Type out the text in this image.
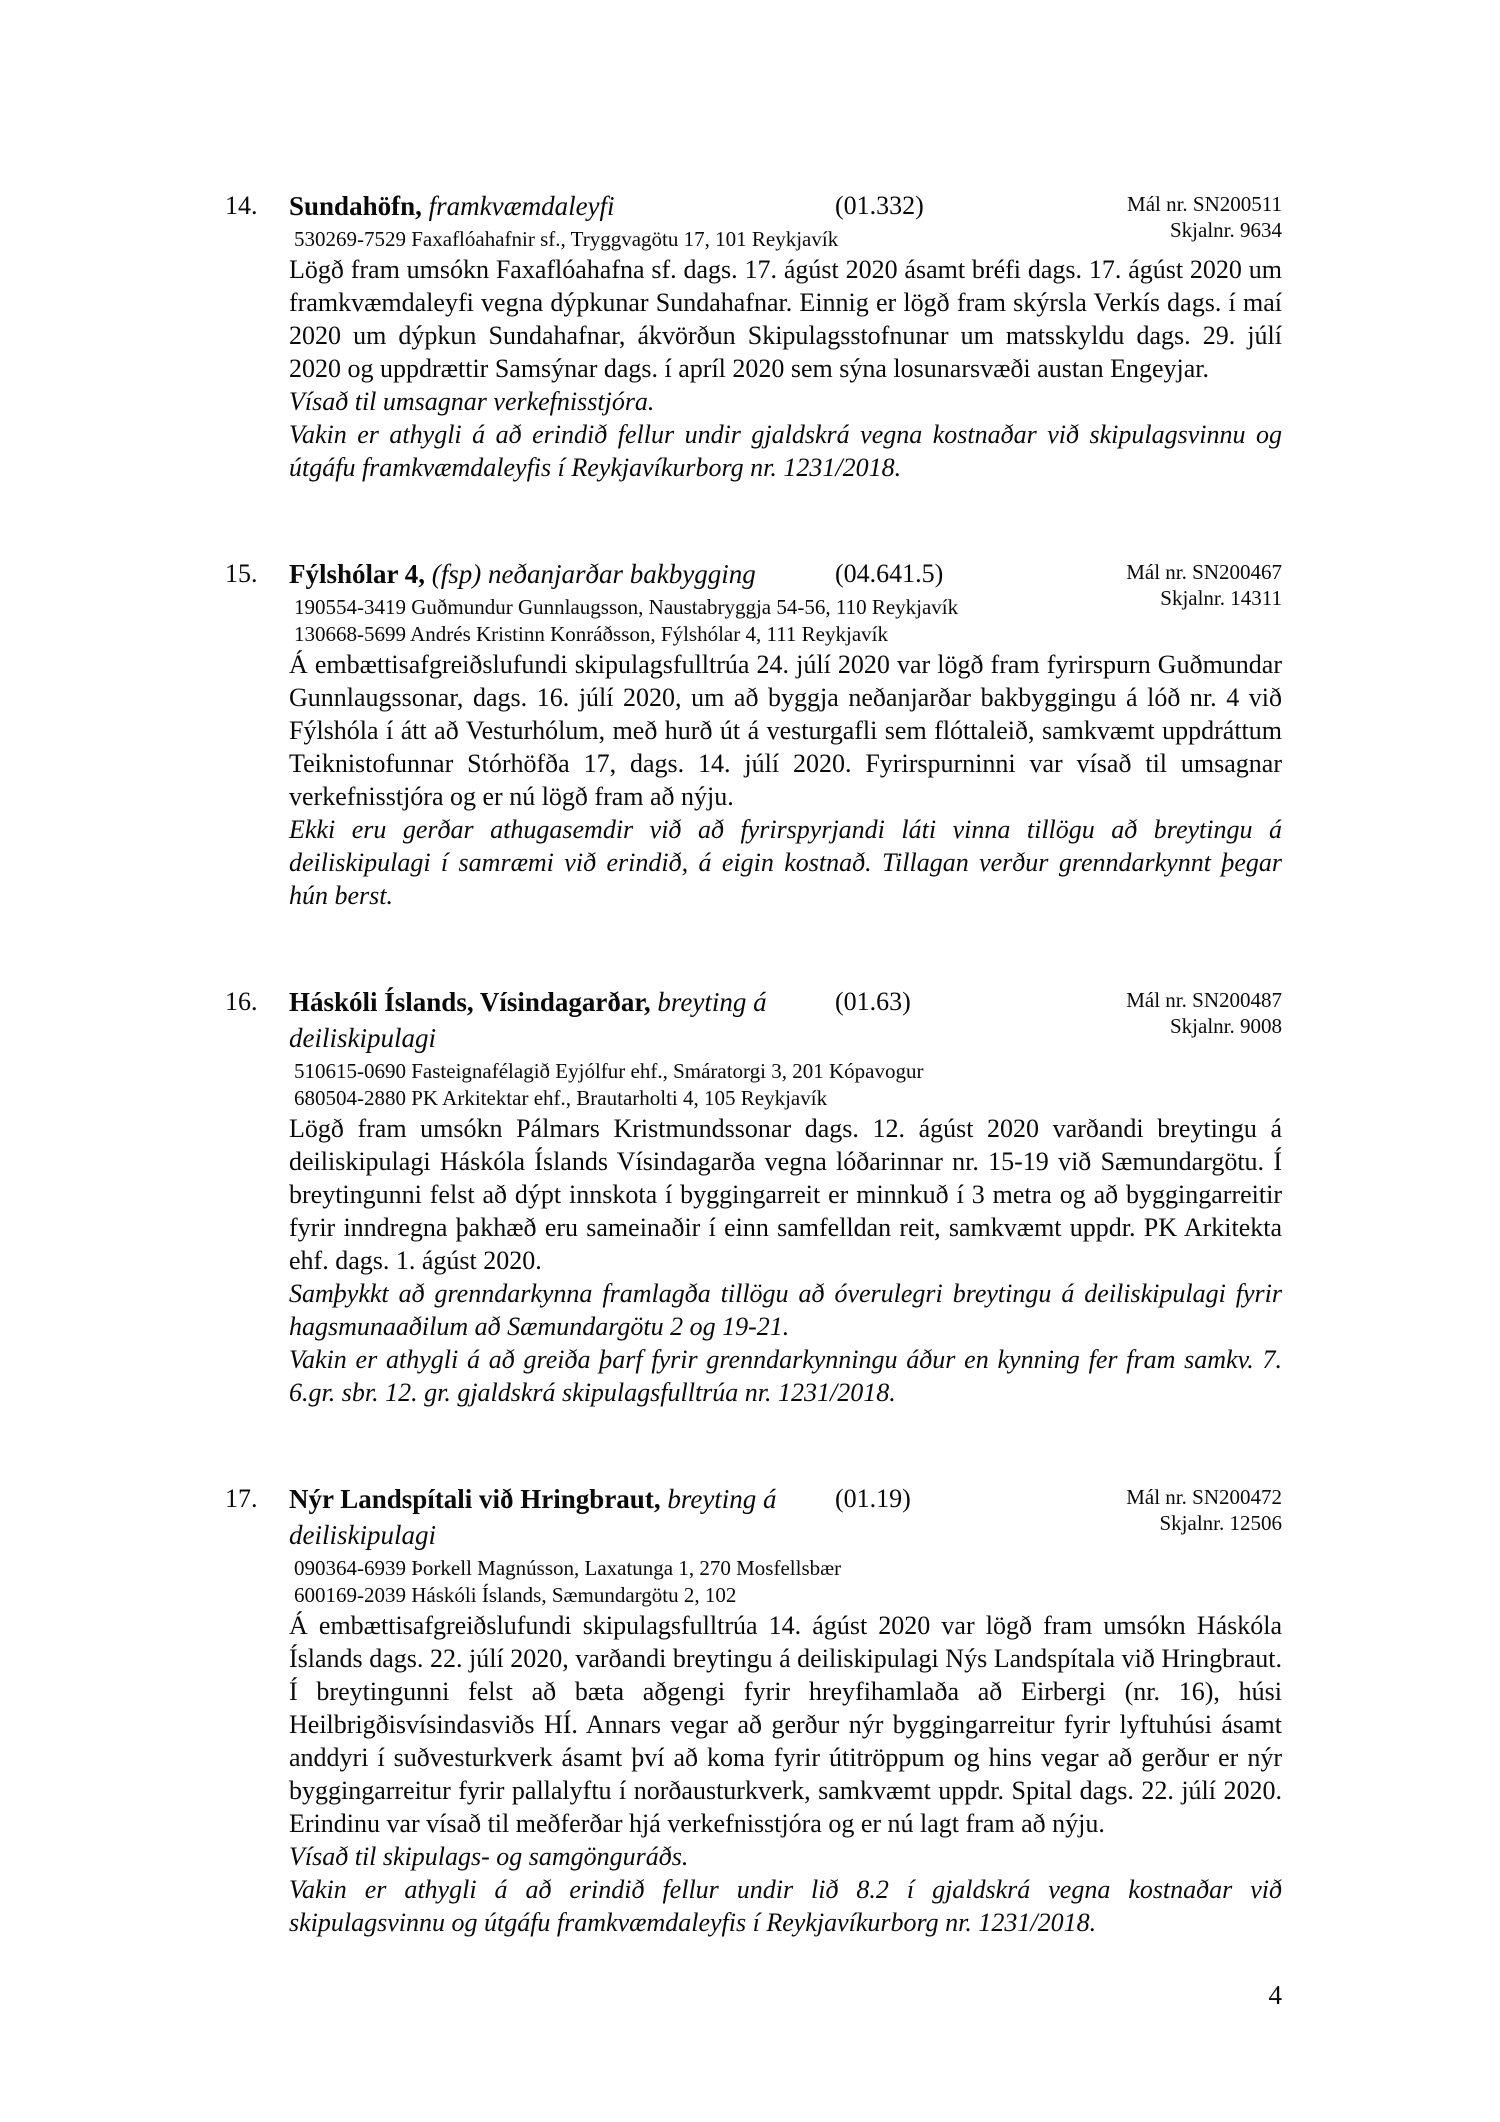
14.	Sundahöfn, framkvæmdaleyfi	(01.332)	Mál nr. SN200511
Skjalnr. 9634
530269-7529 Faxaflóahafnir sf., Tryggvagötu 17, 101 Reykjavík

Lögð fram umsókn Faxaflóahafna sf. dags. 17. ágúst 2020 ásamt bréfi dags. 17. ágúst 2020 um framkvæmdaleyfi vegna dýpkunar Sundahafnar. Einnig er lögð fram skýrsla Verkís dags. í maí 2020 um dýpkun Sundahafnar, ákvörðun Skipulagsstofnunar um matsskyldu dags. 29. júlí 2020 og uppdrættir Samsýnar dags. í apríl 2020 sem sýna losunarsvæði austan Engeyjar.

Vísað til umsagnar verkefnisstjóra.

Vakin er athygli á að erindið fellur undir gjaldskrá vegna kostnaðar við skipulagsvinnu og útgáfu framkvæmdaleyfis í Reykjavíkurborg nr. 1231/2018.

15.	Fýlshólar 4, (fsp) neðanjarðar bakbygging	(04.641.5)	Mál nr. SN200467
Skjalnr. 14311
190554-3419 Guðmundur Gunnlaugsson, Naustabryggja 54-56, 110 Reykjavík
130668-5699 Andrés Kristinn Konráðsson, Fýlshólar 4, 111 Reykjavík

Á embættisafgreiðslufundi skipulagsfulltrúa 24. júlí 2020 var lögð fram fyrirspurn Guðmundar Gunnlaugssonar, dags. 16. júlí 2020, um að byggja neðanjarðar bakbyggingu á lóð nr. 4 við Fýlshóla í átt að Vesturhólum, með hurð út á vesturgafli sem flóttaleið, samkvæmt uppdráttum Teiknistofunnar Stórhöfða 17, dags. 14. júlí 2020. Fyrirspurninni var vísað til umsagnar verkefnisstjóra og er nú lögð fram að nýju.

Ekki eru gerðar athugasemdir við að fyrirspyrjandi láti vinna tillögu að breytingu á deiliskipulagi í samræmi við erindið, á eigin kostnað. Tillagan verður grenndarkynnt þegar hún berst.

16.	Háskóli Íslands, Vísindagarðar, breyting á deiliskipulagi
(01.63)	Mál nr. SN200487
Skjalnr. 9008
510615-0690 Fasteignafélagið Eyjólfur ehf., Smáratorgi 3, 201 Kópavogur
680504-2880 PK Arkitektar ehf., Brautarholti 4, 105 Reykjavík

Lögð fram umsókn Pálmars Kristmundssonar dags. 12. ágúst 2020 varðandi breytingu á deiliskipulagi Háskóla Íslands Vísindagarða vegna lóðarinnar nr. 15-19 við Sæmundargötu. Í breytingunni felst að dýpt innskota í byggingarreit er minnkuð í 3 metra og að byggingarreitir fyrir inndregna þakhæð eru sameinaðir í einn samfelldan reit, samkvæmt uppdr. PK Arkitekta ehf. dags. 1. ágúst 2020.

Samþykkt að grenndarkynna framlagða tillögu að óverulegri breytingu á deiliskipulagi fyrir hagsmunaaðilum að Sæmundargötu 2 og 19-21.

Vakin er athygli á að greiða þarf fyrir grenndarkynningu áður en kynning fer fram samkv. 7. 6.gr. sbr. 12. gr. gjaldskrá skipulagsfulltrúa nr. 1231/2018.

17.	Nýr Landspítali við Hringbraut, breyting á deiliskipulagi
(01.19)	Mál nr. SN200472
Skjalnr. 12506
090364-6939 Þorkell Magnússon, Laxatunga 1, 270 Mosfellsbær
600169-2039 Háskóli Íslands, Sæmundargötu 2, 102

Á embættisafgreiðslufundi skipulagsfulltrúa 14. ágúst 2020 var lögð fram umsókn Háskóla Íslands dags. 22. júlí 2020, varðandi breytingu á deiliskipulagi Nýs Landspítala við Hringbraut. Í breytingunni felst að bæta aðgengi fyrir hreyfihamlaða að Eirbergi (nr. 16), húsi Heilbrigðisvísindasviðs HÍ. Annars vegar að gerður nýr byggingarreitur fyrir lyftuhúsi ásamt anddyri í suðvesturkverk ásamt því að koma fyrir útitröppum og hins vegar að gerður er nýr byggingarreitur fyrir pallalyftu í norðausturkverk, samkvæmt uppdr. Spital dags. 22. júlí 2020. Erindinu var vísað til meðferðar hjá verkefnisstjóra og er nú lagt fram að nýju.

Vísað til skipulags- og samgönguráðs.

Vakin er athygli á að erindið fellur undir lið 8.2 í gjaldskrá vegna kostnaðar við skipulagsvinnu og útgáfu framkvæmdaleyfis í Reykjavíkurborg nr. 1231/2018.

4
